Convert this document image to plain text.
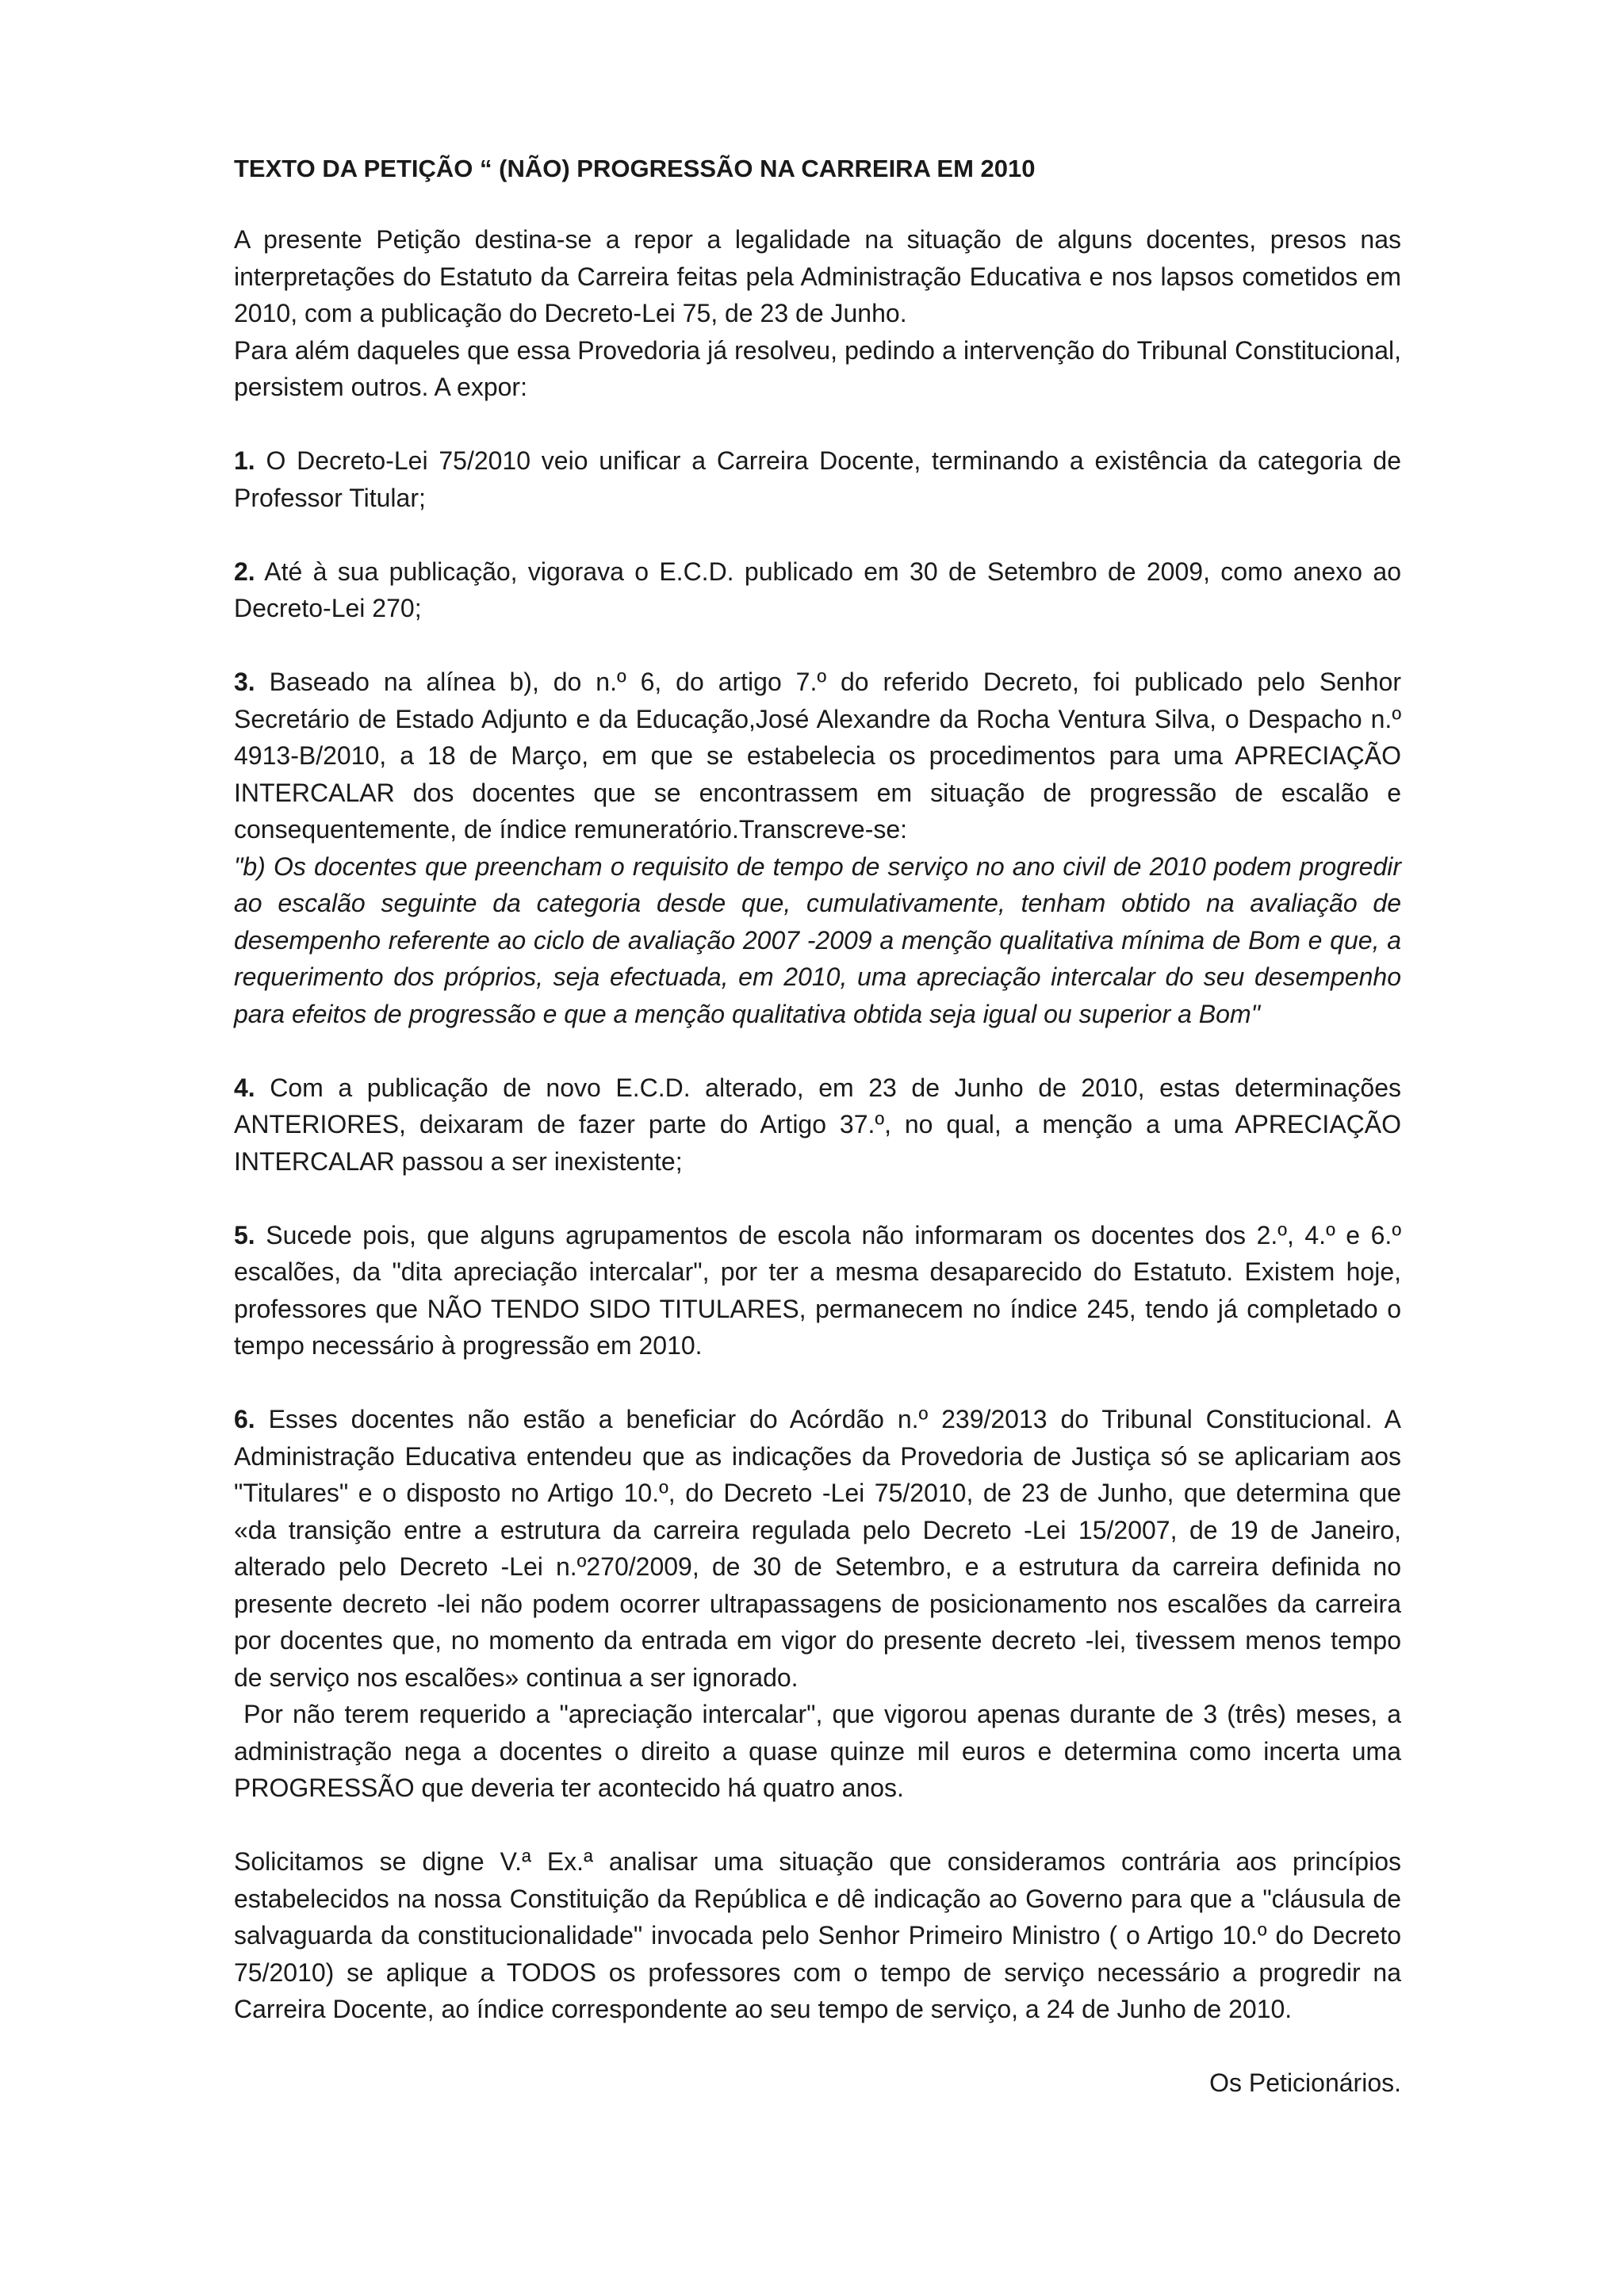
TEXTO DA PETIÇÃO “ (NÃO) PROGRESSÃO NA CARREIRA EM 2010

A presente Petição destina-se a repor a legalidade na situação de alguns docentes, presos nas interpretações do Estatuto da Carreira feitas pela Administração Educativa e nos lapsos cometidos em 2010, com a publicação do Decreto-Lei 75, de 23 de Junho.

Para além daqueles que essa Provedoria já resolveu, pedindo a intervenção do Tribunal Constitucional, persistem outros. A expor:

1. O Decreto-Lei 75/2010 veio unificar a Carreira Docente, terminando a existência da categoria de Professor Titular;

2. Até à sua publicação, vigorava o E.C.D. publicado em 30 de Setembro de 2009, como anexo ao Decreto-Lei 270;

3. Baseado na alínea b), do n.º 6, do artigo 7.º do referido Decreto, foi publicado pelo Senhor Secretário de Estado Adjunto e da Educação,José Alexandre da Rocha Ventura Silva, o Despacho n.º 4913-B/2010, a 18 de Março, em que se estabelecia os procedimentos para uma APRECIAÇÃO INTERCALAR dos docentes que se encontrassem em situação de progressão de escalão e consequentemente, de índice remuneratório.Transcreve-se:

"b) Os docentes que preencham o requisito de tempo de serviço no ano civil de 2010 podem progredir ao escalão seguinte da categoria desde que, cumulativamente, tenham obtido na avaliação de desempenho referente ao ciclo de avaliação 2007 -2009 a menção qualitativa mínima de Bom e que, a requerimento dos próprios, seja efectuada, em 2010, uma apreciação intercalar do seu desempenho para efeitos de progressão e que a menção qualitativa obtida seja igual ou superior a Bom"

4. Com a publicação de novo E.C.D. alterado, em 23 de Junho de 2010, estas determinações ANTERIORES, deixaram de fazer parte do Artigo 37.º, no qual, a menção a uma APRECIAÇÃO INTERCALAR passou a ser inexistente;

5. Sucede pois, que alguns agrupamentos de escola não informaram os docentes dos 2.º, 4.º e 6.º escalões, da "dita apreciação intercalar", por ter a mesma desaparecido do Estatuto. Existem hoje, professores que NÃO TENDO SIDO TITULARES, permanecem no índice 245, tendo já completado o tempo necessário à progressão em 2010.

6. Esses docentes não estão a beneficiar do Acórdão n.º 239/2013 do Tribunal Constitucional. A Administração Educativa entendeu que as indicações da Provedoria de Justiça só se aplicariam aos "Titulares" e o disposto no Artigo 10.º, do Decreto -Lei 75/2010, de 23 de Junho, que determina que «da transição entre a estrutura da carreira regulada pelo Decreto -Lei 15/2007, de 19 de Janeiro, alterado pelo Decreto -Lei n.º270/2009, de 30 de Setembro, e a estrutura da carreira definida no presente decreto -lei não podem ocorrer ultrapassagens de posicionamento nos escalões da carreira por docentes que, no momento da entrada em vigor do presente decreto -lei, tivessem menos tempo de serviço nos escalões» continua a ser ignorado.

Por não terem requerido a "apreciação intercalar", que vigorou apenas durante de 3 (três) meses, a administração nega a docentes o direito a quase quinze mil euros e determina como incerta uma PROGRESSÃO que deveria ter acontecido há quatro anos.

Solicitamos se digne V.ª Ex.ª analisar uma situação que consideramos contrária aos princípios estabelecidos na nossa Constituição da República e dê indicação ao Governo para que a "cláusula de salvaguarda da constitucionalidade" invocada pelo Senhor Primeiro Ministro ( o Artigo 10.º do Decreto 75/2010) se aplique a TODOS os professores com o tempo de serviço necessário a progredir na Carreira Docente, ao índice correspondente ao seu tempo de serviço, a 24 de Junho de 2010.

Os Peticionários.
